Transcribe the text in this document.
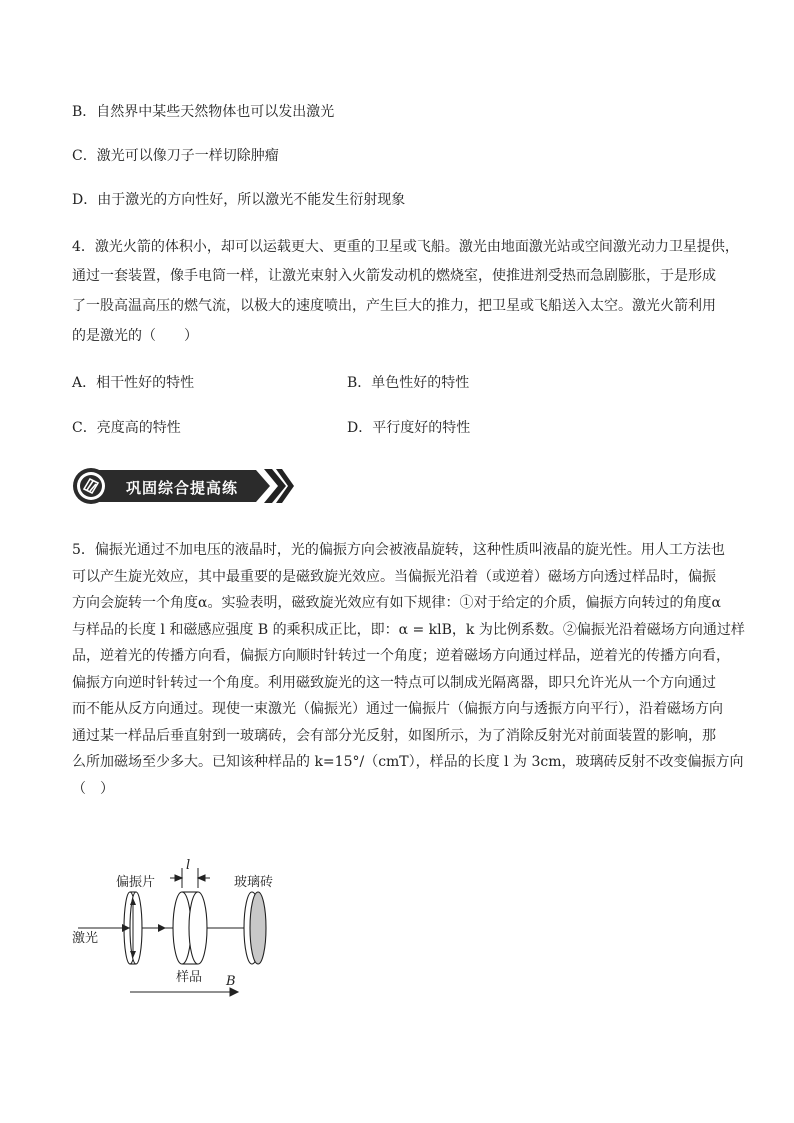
B．自然界中某些天然物体也可以发出激光
C．激光可以像刀子一样切除肿瘤
D．由于激光的方向性好，所以激光不能发生衍射现象
4．激光火箭的体积小，却可以运载更大、更重的卫星或飞船。激光由地面激光站或空间激光动力卫星提供，
通过一套装置，像手电筒一样，让激光束射入火箭发动机的燃烧室，使推进剂受热而急剧膨胀，于是形成
了一股高温高压的燃气流，以极大的速度喷出，产生巨大的推力，把卫星或飞船送入太空。激光火箭利用
的是激光的（　　）
A．相干性好的特性	B．单色性好的特性
C．亮度高的特性	D．平行度好的特性
巩固综合提高练
5．偏振光通过不加电压的液晶时，光的偏振方向会被液晶旋转，这种性质叫液晶的旋光性。用人工方法也
可以产生旋光效应，其中最重要的是磁致旋光效应。当偏振光沿着（或逆着）磁场方向透过样品时，偏振
方向会旋转一个角度α。实验表明，磁致旋光效应有如下规律：①对于给定的介质，偏振方向转过的角度α
与样品的长度 l 和磁感应强度 B 的乘积成正比，即：α = klB，k 为比例系数。②偏振光沿着磁场方向通过样
品，逆着光的传播方向看，偏振方向顺时针转过一个角度；逆着磁场方向通过样品，逆着光的传播方向看，
偏振方向逆时针转过一个角度。利用磁致旋光的这一特点可以制成光隔离器，即只允许光从一个方向通过
而不能从反方向通过。现使一束激光（偏振光）通过一偏振片（偏振方向与透振方向平行），沿着磁场方向
通过某一样品后垂直射到一玻璃砖，会有部分光反射，如图所示，为了消除反射光对前面装置的影响，那
么所加磁场至少多大。已知该种样品的 k=15°/（cmT），样品的长度 l 为 3cm，玻璃砖反射不改变偏振方向
（　）
偏振片
l
玻璃砖
激光
样品 B
